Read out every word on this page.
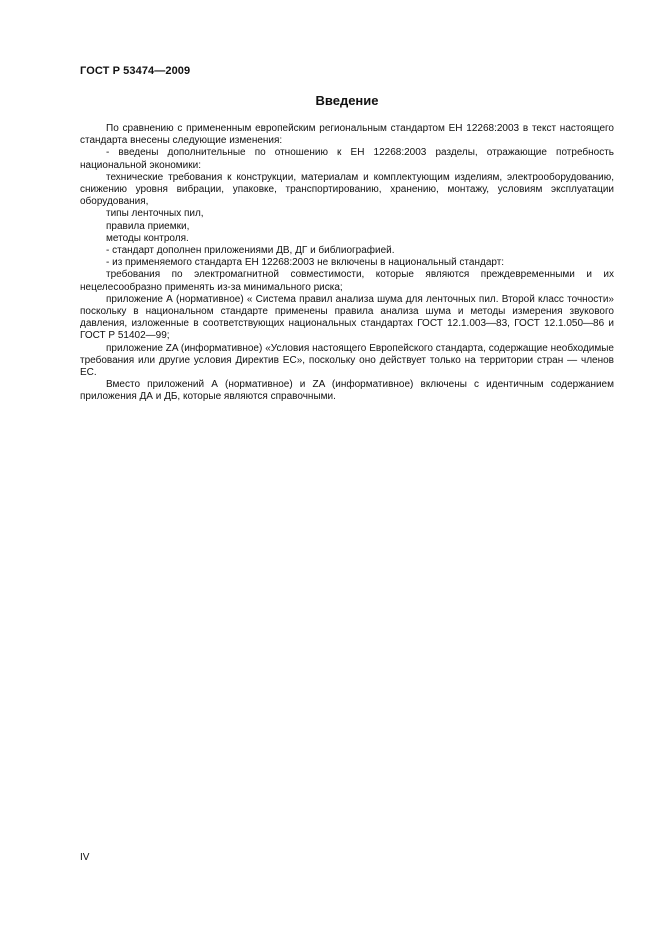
ГОСТ Р 53474—2009
Введение

По сравнению с примененным европейским региональным стандартом ЕН 12268:2003 в текст настоящего стандарта внесены следующие изменения:

- введены дополнительные по отношению к ЕН 12268:2003 разделы, отражающие потребность национальной экономики:

технические требования к конструкции, материалам и комплектующим изделиям, электрооборудованию, снижению уровня вибрации, упаковке, транспортированию, хранению, монтажу, условиям эксплуатации оборудования,

типы ленточных пил,

правила приемки,

методы контроля.

- стандарт дополнен приложениями ДВ, ДГ и библиографией.

- из применяемого стандарта ЕН 12268:2003 не включены в национальный стандарт:

требования по электромагнитной совместимости, которые являются преждевременными и их нецелесообразно применять из-за минимального риска;

приложение А (нормативное) « Система правил анализа шума для ленточных пил. Второй класс точности» поскольку в национальном стандарте применены правила анализа шума и методы измерения звукового давления, изложенные в соответствующих национальных стандартах ГОСТ 12.1.003—83, ГОСТ 12.1.050—86 и ГОСТ Р 51402—99;

приложение ZA (информативное) «Условия настоящего Европейского стандарта, содержащие необходимые требования или другие условия Директив ЕС», поскольку оно действует только на территории стран — членов ЕС.

Вместо приложений А (нормативное) и ZA (информативное) включены с идентичным содержанием приложения ДА и ДБ, которые являются справочными.

IV
